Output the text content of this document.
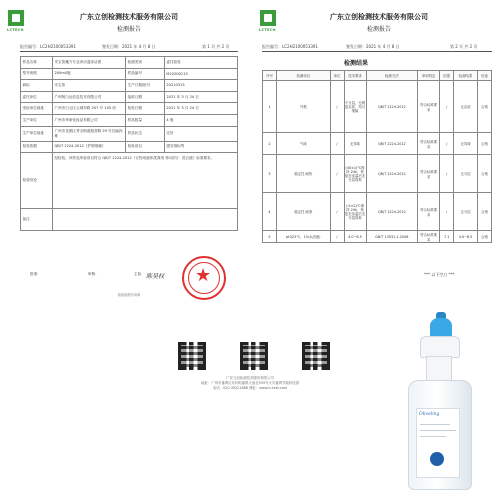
LCTECH
广东立创检测技术服务有限公司
检测报告
报告编号：LC2H2100053391	签发日期：2021 年 4 月 8 日	第 1 页 共 2 页
样品名称	安宝笛魔方专业净洁泡沫洁面	检测类别	委托检验
型号规格	200ml/瓶	样品编号	M22000115
商标	安宝笛	生产日期/批号	20210315
委托单位	广州阿白达信息技术有限公司	接收日期	2021 年 3 月 24 日
受检单位地址	广州市白云区云城东路 207 号 105 房	检验日期	2021 年 3 月 24 日
生产单位	广州市萃研化妆品有限公司	样品数量	4 瓶
生产单位地址	广州市花都区秀全街道瑞香路 29 号自编四栋	样品状态	完好
检验依据	QB/T 1224-2012《护肤啫喱》	检验项目	感官指标等
检验结论	经检验，该样品所检项目符合 QB/T 1224-2012《衣物用液体洗涤剂 第1部分：洗衣液》标准要求。		
备注			
批准：	审核：	主检： 陈昊权 ★
检验检测专用章
LCTECH
广东立创检测技术服务有限公司
检测报告
报告编号：LC2H2100053391	签发日期：2021 年 4 月 8 日	第 2 页 共 2 页
检测结果
序号	检测项目	单位	技术要求	检测方法	单项判定	结果	检测结果	结论
1	外观	/	不分层，无明显杂质，均匀细腻	QB/T 1224-2012	符合标准要求	/	无杂质	合格
2	气味	/	无异味	QB/T 1224-2012	符合标准要求	/	无异味	合格
3	稳定性 耐热	/	(40±1)℃保持 24h，恢复至室温后无分层现象	QB/T 1224-2012	符合标准要求	/	无分层	合格
4	稳定性 耐寒	/	(-5±2)℃保持 24h，恢复至室温后无分层现象	QB/T 1224-2012	符合标准要求	/	无分层	合格
5	pH(25℃，1%水溶液)	/	4.0~8.5	GB/T 13531.1-2008	符合标准要求	7.1	4.0~8.5	合格
*** 以下空白 ***
广东立创检测技术服务有限公司
地址：广州市番禺区东环街番禺大道北555号天安番禺节能科技园
电话：020-39221888 网址：www.lc-test.com
Oliveling
